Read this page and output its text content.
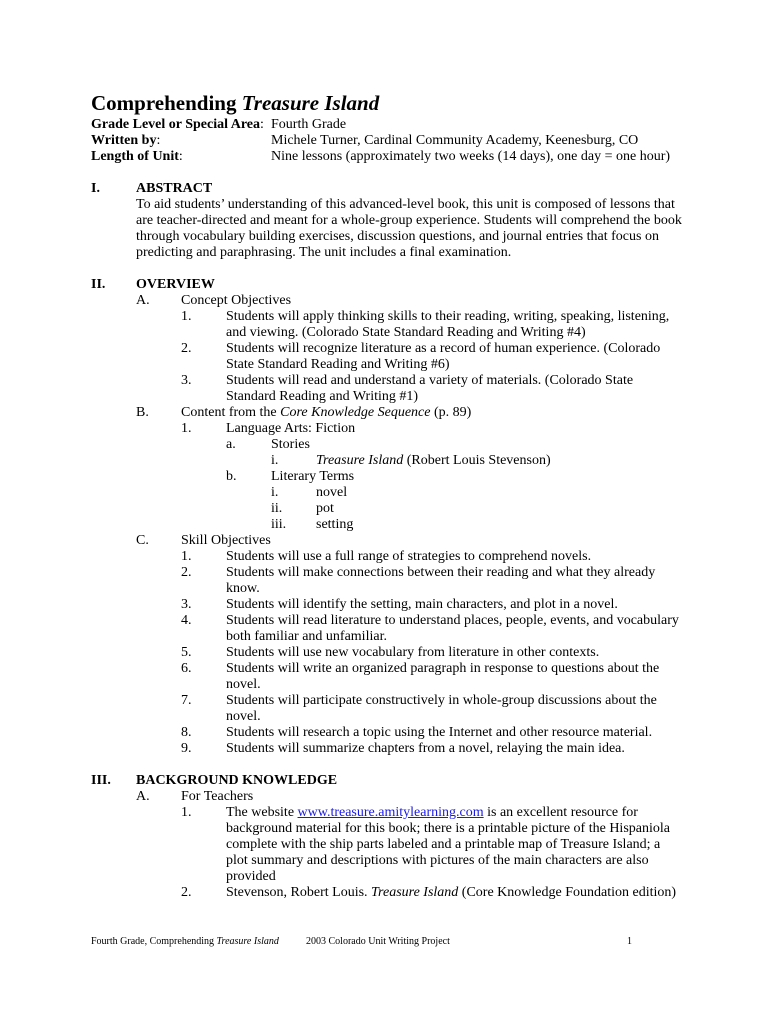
Comprehending Treasure Island
Grade Level or Special Area: Fourth Grade
Written by:	Michele Turner, Cardinal Community Academy, Keenesburg, CO
Length of Unit:	Nine lessons (approximately two weeks (14 days), one day = one hour)
I.	ABSTRACT
To aid students’ understanding of this advanced-level book, this unit is composed of lessons that
are teacher-directed and meant for a whole-group experience. Students will comprehend the book
through vocabulary building exercises, discussion questions, and journal entries that focus on
predicting and paraphrasing. The unit includes a final examination.
II. OVERVIEW
A. Concept Objectives
1. Students will apply thinking skills to their reading, writing, speaking, listening,
and viewing. (Colorado State Standard Reading and Writing #4)
2. Students will recognize literature as a record of human experience. (Colorado
State Standard Reading and Writing #6)
3. Students will read and understand a variety of materials. (Colorado State
Standard Reading and Writing #1)
B. Content from the Core Knowledge Sequence (p. 89)
1. Language Arts: Fiction
a.	Stories
i.	Treasure Island (Robert Louis Stevenson)
b. Literary Terms
i.	novel
ii. pot
iii. setting
C. Skill Objectives
1. Students will use a full range of strategies to comprehend novels.
2. Students will make connections between their reading and what they already
know.
3. Students will identify the setting, main characters, and plot in a novel.
4. Students will read literature to understand places, people, events, and vocabulary
both familiar and unfamiliar.
5. Students will use new vocabulary from literature in other contexts.
6. Students will write an organized paragraph in response to questions about the
novel.
7. Students will participate constructively in whole-group discussions about the
novel.
8. Students will research a topic using the Internet and other resource material.
9. Students will summarize chapters from a novel, relaying the main idea.
III. BACKGROUND KNOWLEDGE
A. For Teachers
1. The website www.treasure.amitylearning.com is an excellent resource for
background material for this book; there is a printable picture of the Hispaniola
complete with the ship parts labeled and a printable map of Treasure Island; a
plot summary and descriptions with pictures of the main characters are also
provided
2. Stevenson, Robert Louis. Treasure Island (Core Knowledge Foundation edition)
Fourth Grade, Comprehending Treasure Island	2003 Colorado Unit Writing Project	1
